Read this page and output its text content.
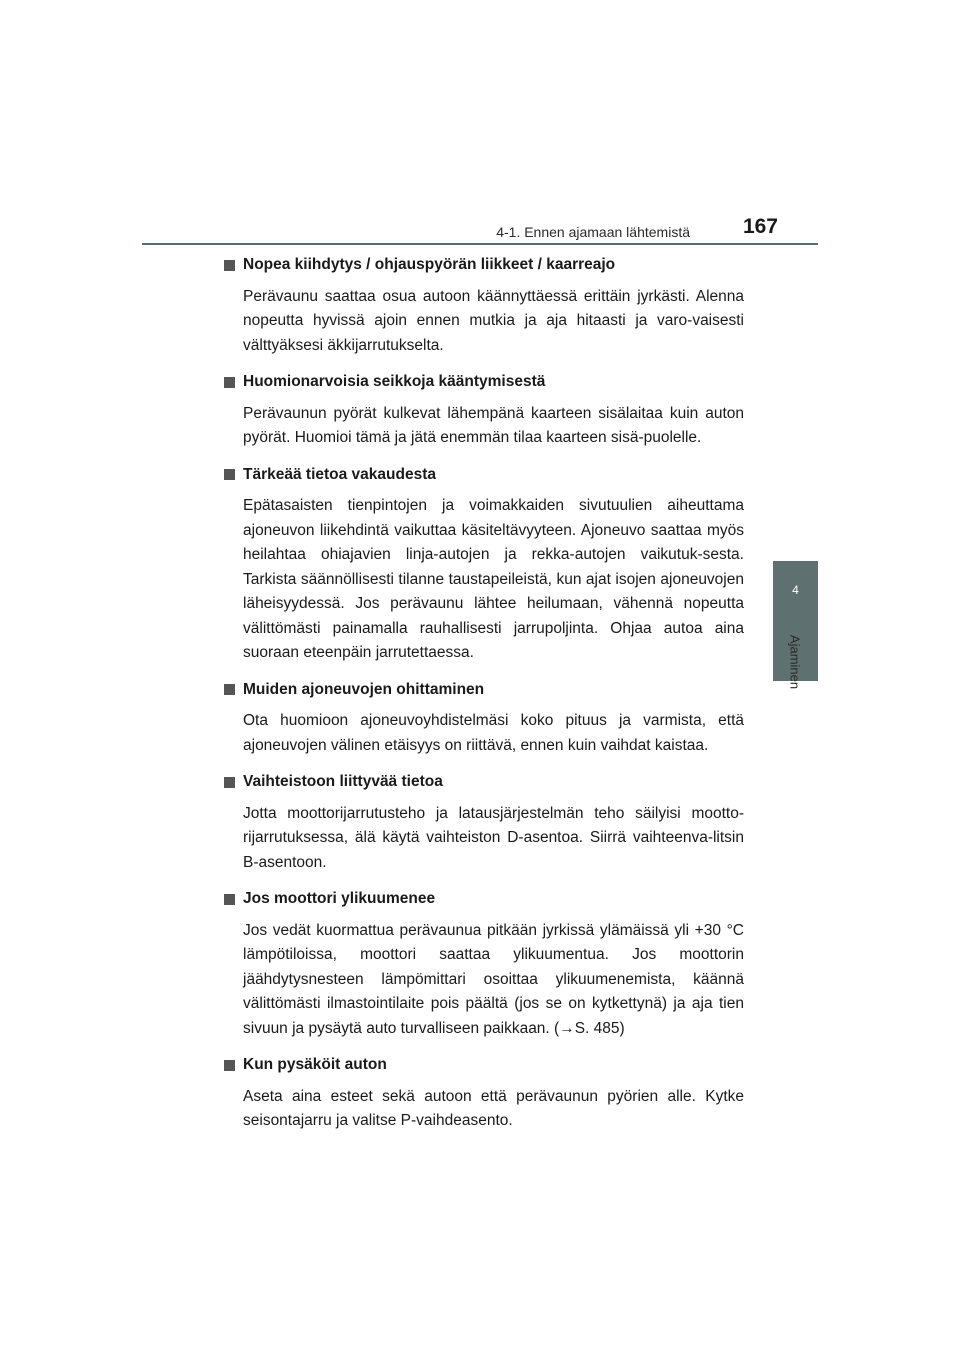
4-1. Ennen ajamaan lähtemistä	167
4
Ajaminen
Nopea kiihdytys / ohjauspyörän liikkeet / kaarreajo
Perävaunu saattaa osua autoon käännyttäessä erittäin jyrkästi. Alenna nopeutta hyvissä ajoin ennen mutkia ja aja hitaasti ja varo-vaisesti välttyäksesi äkkijarrutukselta.
Huomionarvoisia seikkoja kääntymisestä
Perävaunun pyörät kulkevat lähempänä kaarteen sisälaitaa kuin auton pyörät. Huomioi tämä ja jätä enemmän tilaa kaarteen sisä-puolelle.
Tärkeää tietoa vakaudesta
Epätasaisten tienpintojen ja voimakkaiden sivutuulien aiheuttama ajoneuvon liikehdintä vaikuttaa käsiteltävyyteen. Ajoneuvo saattaa myös heilahtaa ohiajavien linja-autojen ja rekka-autojen vaikutuk-sesta. Tarkista säännöllisesti tilanne taustapeileistä, kun ajat isojen ajoneuvojen läheisyydessä. Jos perävaunu lähtee heilumaan, vähennä nopeutta välittömästi painamalla rauhallisesti jarrupoljinta. Ohjaa autoa aina suoraan eteenpäin jarrutettaessa.
Muiden ajoneuvojen ohittaminen
Ota huomioon ajoneuvoyhdistelmäsi koko pituus ja varmista, että ajoneuvojen välinen etäisyys on riittävä, ennen kuin vaihdat kaistaa.
Vaihteistoon liittyvää tietoa
Jotta moottorijarrutusteho ja latausjärjestelmän teho säilyisi mootto-rijarrutuksessa, älä käytä vaihteiston D-asentoa. Siirrä vaihteenva-litsin B-asentoon.
Jos moottori ylikuumenee
Jos vedät kuormattua perävaunua pitkään jyrkissä ylämäissä yli +30 °C lämpötiloissa, moottori saattaa ylikuumentua. Jos moottorin jäähdytysnesteen lämpömittari osoittaa ylikuumenemista, käännä välittömästi ilmastointilaite pois päältä (jos se on kytkettynä) ja aja tien sivuun ja pysäytä auto turvalliseen paikkaan. (→S. 485)
Kun pysäköit auton
Aseta aina esteet sekä autoon että perävaunun pyörien alle. Kytke seisontajarru ja valitse P-vaihdeasento.
